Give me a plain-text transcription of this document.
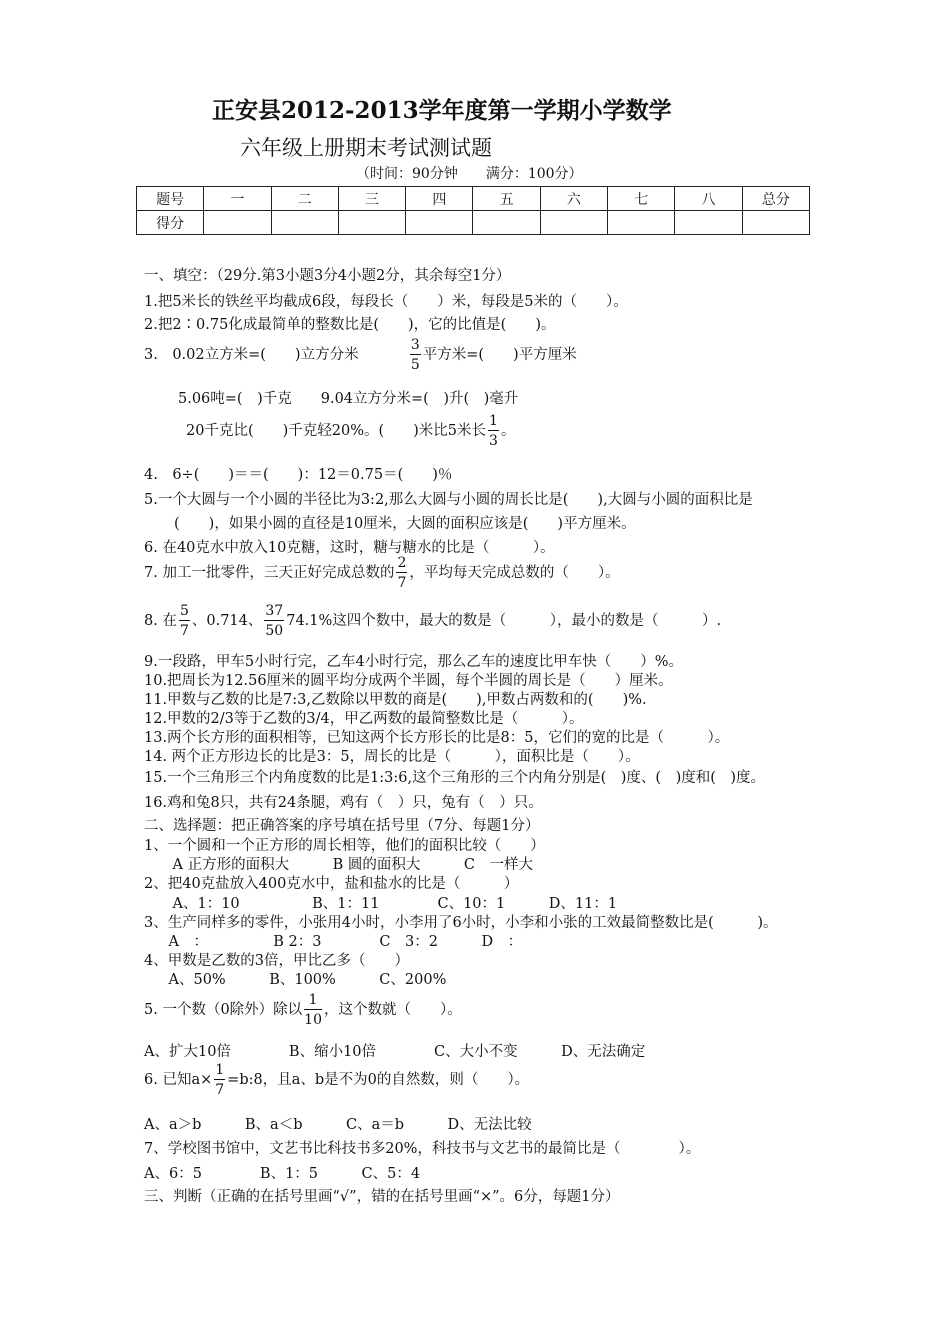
正安县2012-2013学年度第一学期小学数学
六年级上册期末考试测试题
（时间：90分钟　　满分：100分）
题号	一	二	三	四	五	六	七	八	总分
得分									
一、填空：（29分.第3小题3分4小题2分，其余每空1分）
1.把5米长的铁丝平均截成6段，每段长（　　）米，每段是5米的（　　）。
2.把2∶0.75化成最简单的整数比是(　　)，它的比值是(　　)。
3.　0.02立方米=(　　)立方分米	$\frac{3}{5}$ 平方米=(　　)平方厘米
5.06吨=(　)千克　　9.04立方分米=(　)升(　)毫升
20千克比(　　)千克轻20%。(　　)米比5米长 $\frac{1}{3}$ 。
4.　6÷(　　)＝＝(　　)：12＝0.75＝(　　)％
5.一个大圆与一个小圆的半径比为3:2,那么大圆与小圆的周长比是(　　),大圆与小圆的面积比是
(　　)，如果小圆的直径是10厘米，大圆的面积应该是(　　)平方厘米。
6. 在40克水中放入10克糖，这时，糖与糖水的比是（　　　）。
7. 加工一批零件，三天正好完成总数的 $\frac{2}{7}$ ，平均每天完成总数的（　　）。
8. 在 $\frac{5}{7}$ 、0.714、 $\frac{37}{50} 74.1\%$这四个数中，最大的数是（　　　），最小的数是（　　　）.
9.一段路，甲车5小时行完，乙车4小时行完，那么乙车的速度比甲车快（　　）%。
10.把周长为12.56厘米的圆平均分成两个半圆，每个半圆的周长是（　　）厘米。
11.甲数与乙数的比是7:3,乙数除以甲数的商是(　　),甲数占两数和的(　　)%.
12.甲数的2/3等于乙数的3/4，甲乙两数的最简整数比是（　　　）。
13.两个长方形的面积相等，已知这两个长方形长的比是8：5，它们的宽的比是（　　　）。
14. 两个正方形边长的比是3：5，周长的比是（　　　），面积比是（　　）。
15.一个三角形三个内角度数的比是1:3:6,这个三角形的三个内角分别是(　)度、(　)度和(　)度。
16.鸡和兔8只，共有24条腿，鸡有（　）只，兔有（　）只。
二、选择题：把正确答案的序号填在括号里（7分、每题1分）
1、一个圆和一个正方形的周长相等，他们的面积比较（　　）
　A 正方形的面积大　　　B 圆的面积大　　　C　一样大
2、把40克盐放入400克水中，盐和盐水的比是（　　　）
　A、1：10　　　　　B、1：11　　　　C、10：1　　　D、11：1
3、生产同样多的零件，小张用4小时，小李用了6小时，小李和小张的工效最简整数比是(　　　)。
　A　：　　　　　B 2：3　　　　C　3：2　　　D　：
4、甲数是乙数的3倍，甲比乙多（　　）
　A、50%　　　B、100%　　　C、200%
5. 一个数（0除外）除以 $\frac{1}{10}$ ，这个数就（　　）。
A、扩大10倍　　　　B、缩小10倍　　　　C、大小不变　　　D、无法确定
6. 已知$a\times \frac{1}{7}$ =b:8，且a、b是不为0的自然数，则（　　）。
A、a＞b　　　B、a＜b　　　C、a＝b　　　D、无法比较
7、学校图书馆中，文艺书比科技书多20%，科技书与文艺书的最简比是（　　　　）。
A、6：5　　　　B、1：5　　　C、5：4
三、判断（正确的在括号里画“√”，错的在括号里画“×”。6分，每题1分）
